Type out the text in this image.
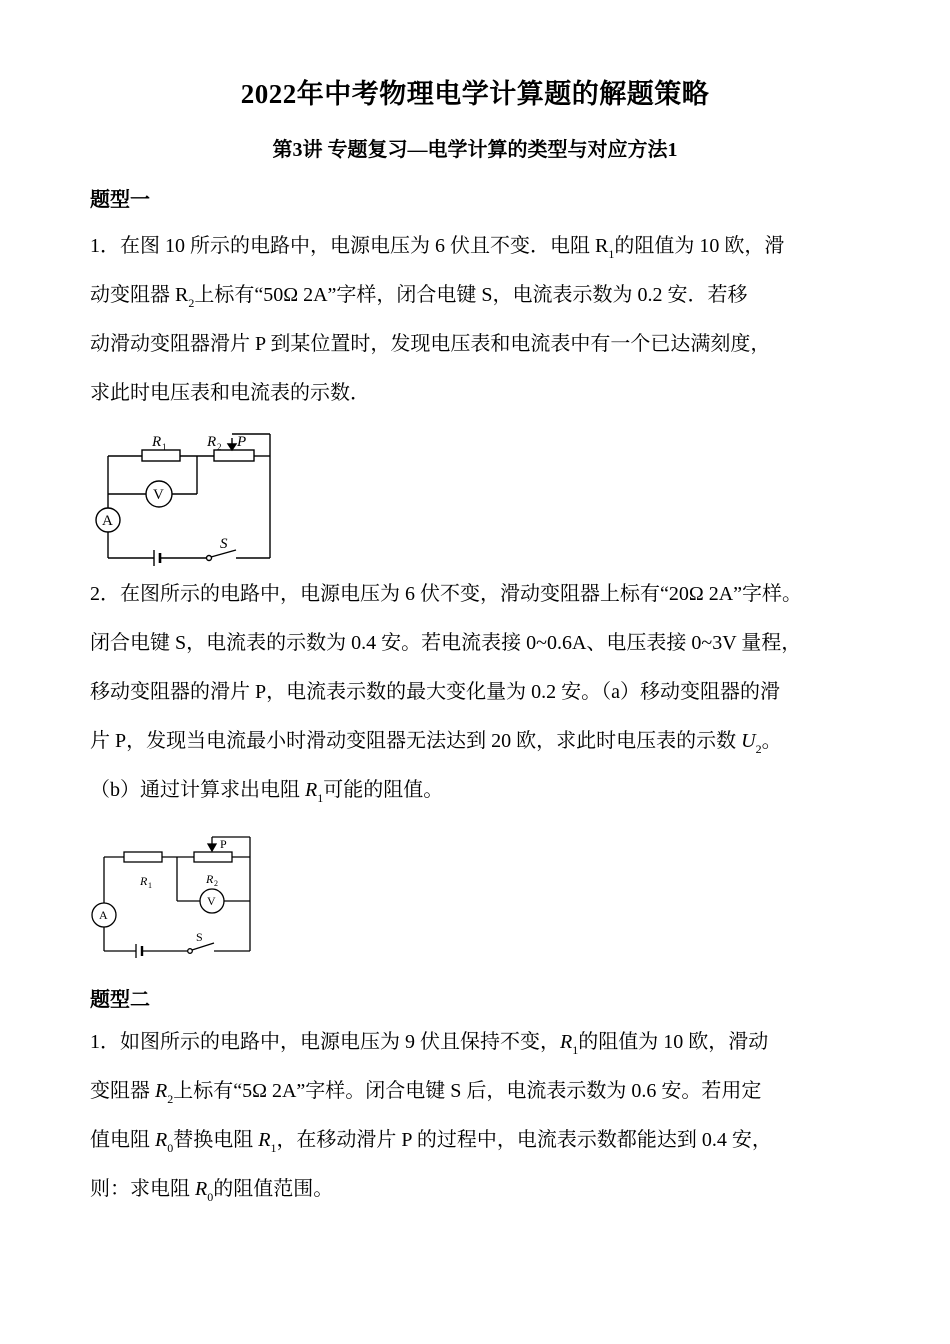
2022年中考物理电学计算题的解题策略
第3讲 专题复习—电学计算的类型与对应方法1
题型一
1．在图 10 所示的电路中，电源电压为 6 伏且不变．电阻 $R_1$的阻值为 10 欧，滑
动变阻器 $R_2$上标有“50Ω 2A”字样，闭合电键 S，电流表示数为 0.2 安．若移
动滑动变阻器滑片 P 到某位置时，发现电压表和电流表中有一个已达满刻度，
求此时电压表和电流表的示数．
R 1	R 2 P
V
A
S
2．在图所示的电路中，电源电压为 6 伏不变，滑动变阻器上标有“20Ω 2A”字样。
闭合电键 S，电流表的示数为 0.4 安。若电流表接 0~0.6A、电压表接 0~3V 量程，
移动变阻器的滑片 P，电流表示数的最大变化量为 0.2 安。（a）移动变阻器的滑
片 P，发现当电流最小时滑动变阻器无法达到 20 欧，求此时电压表的示数 $U_2$。
（b）通过计算求出电阻 $R_1$可能的阻值。
R 1	R 2
P
V
A
S
题型二
1．如图所示的电路中，电源电压为 9 伏且保持不变，$R_1$的阻值为 10 欧，滑动
变阻器 $R_2$上标有“5Ω 2A”字样。闭合电键 S 后，电流表示数为 0.6 安。若用定
值电阻 $R_0$替换电阻 $R_1$，在移动滑片 P 的过程中，电流表示数都能达到 0.4 安，
则：求电阻 $R_0$的阻值范围。
